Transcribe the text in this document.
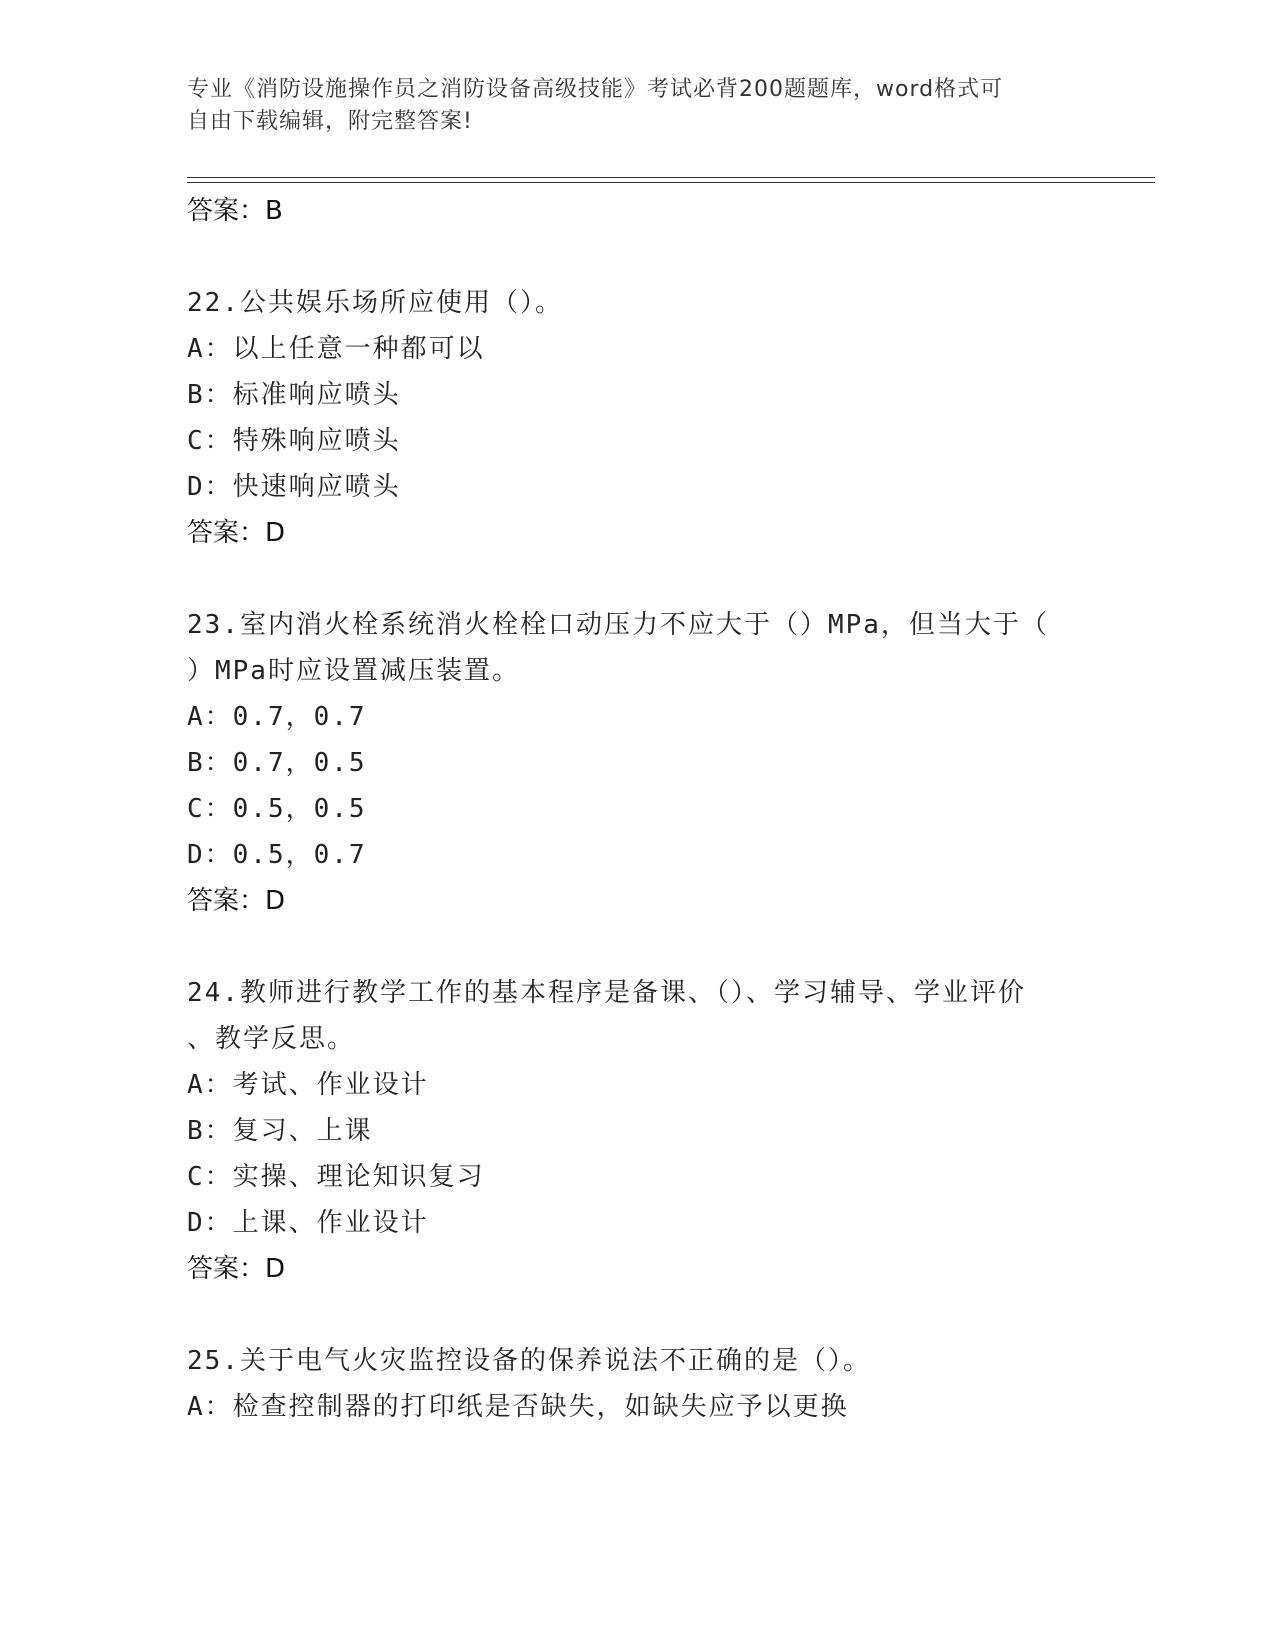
专业《消防设施操作员之消防设备高级技能》考试必背200题题库，word格式可
自由下载编辑，附完整答案!
答案：B
22.公共娱乐场所应使用（）。
A：以上任意一种都可以
B：标准响应喷头
C：特殊响应喷头
D：快速响应喷头
答案：D
23.室内消火栓系统消火栓栓口动压力不应大于（）MPa，但当大于（
）MPa时应设置减压装置。
A：0.7，0.7
B：0.7，0.5
C：0.5，0.5
D：0.5，0.7
答案：D
24.教师进行教学工作的基本程序是备课、（）、学习辅导、学业评价
、教学反思。
A：考试、作业设计
B：复习、上课
C：实操、理论知识复习
D：上课、作业设计
答案：D
25.关于电气火灾监控设备的保养说法不正确的是（）。
A：检查控制器的打印纸是否缺失，如缺失应予以更换
